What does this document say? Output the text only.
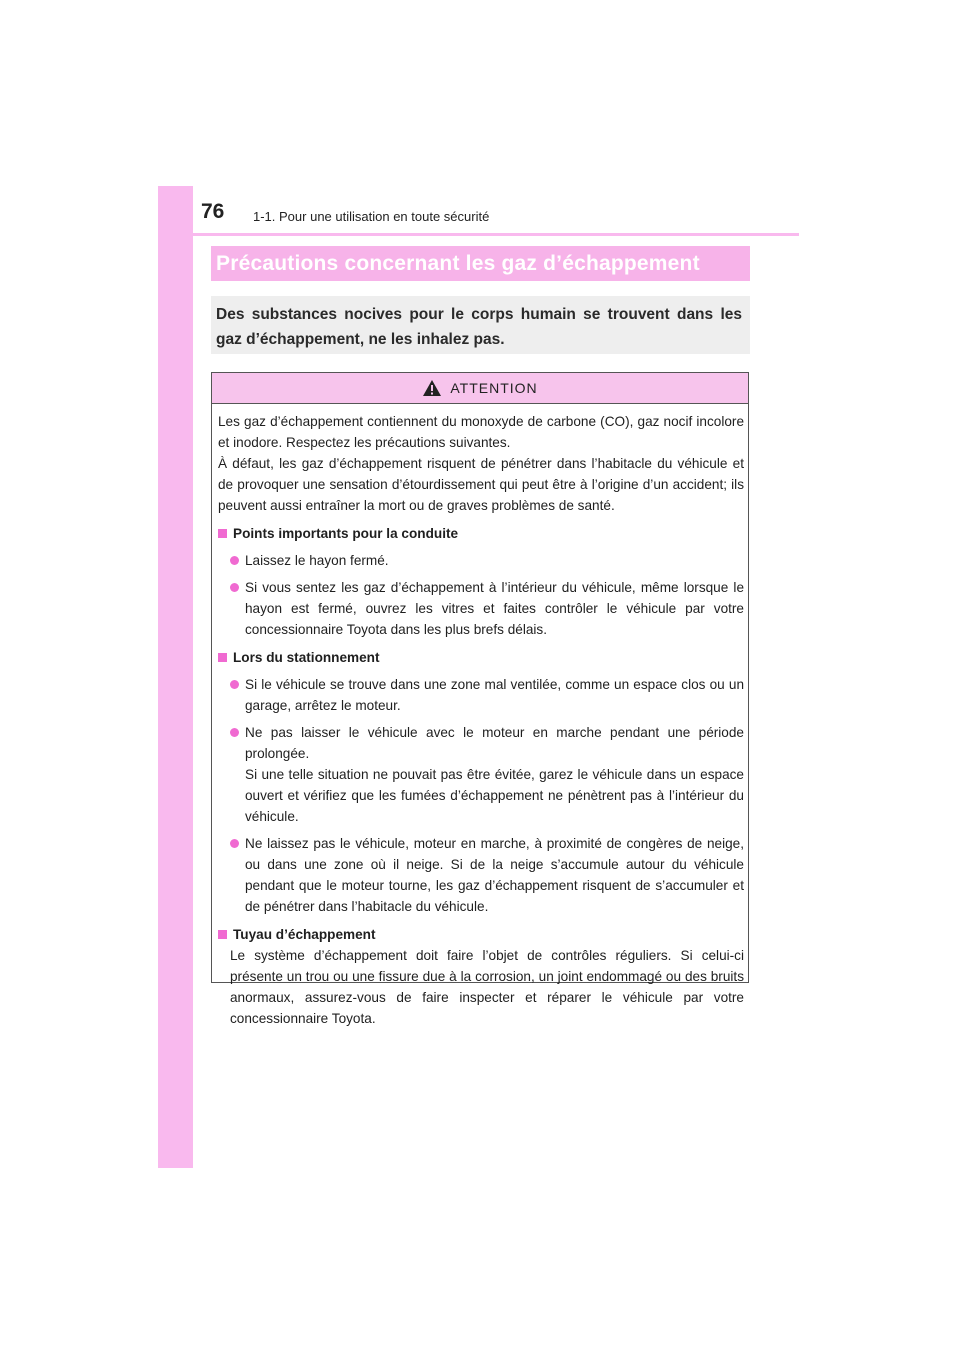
76 1-1. Pour une utilisation en toute sécurité
Précautions concernant les gaz d’échappement
Des substances nocives pour le corps humain se trouvent dans les gaz d’échappement, ne les inhalez pas.
ATTENTION

Les gaz d’échappement contiennent du monoxyde de carbone (CO), gaz nocif incolore et inodore. Respectez les précautions suivantes.

À défaut, les gaz d’échappement risquent de pénétrer dans l’habitacle du véhicule et de provoquer une sensation d’étourdissement qui peut être à l’origine d’un accident; ils peuvent aussi entraîner la mort ou de graves problèmes de santé.

Points importants pour la conduite
Laissez le hayon fermé.
Si vous sentez les gaz d’échappement à l’intérieur du véhicule, même lorsque le hayon est fermé, ouvrez les vitres et faites contrôler le véhicule par votre concessionnaire Toyota dans les plus brefs délais.
Lors du stationnement
Si le véhicule se trouve dans une zone mal ventilée, comme un espace clos ou un garage, arrêtez le moteur.
Ne pas laisser le véhicule avec le moteur en marche pendant une période prolongée.
Si une telle situation ne pouvait pas être évitée, garez le véhicule dans un espace ouvert et vérifiez que les fumées d’échappement ne pénètrent pas à l’intérieur du véhicule.
Ne laissez pas le véhicule, moteur en marche, à proximité de congères de neige, ou dans une zone où il neige. Si de la neige s’accumule autour du véhicule pendant que le moteur tourne, les gaz d’échappement risquent de s’accumuler et de pénétrer dans l’habitacle du véhicule.
Tuyau d’échappement

Le système d’échappement doit faire l’objet de contrôles réguliers. Si celui-ci présente un trou ou une fissure due à la corrosion, un joint endommagé ou des bruits anormaux, assurez-vous de faire inspecter et réparer le véhicule par votre concessionnaire Toyota.
